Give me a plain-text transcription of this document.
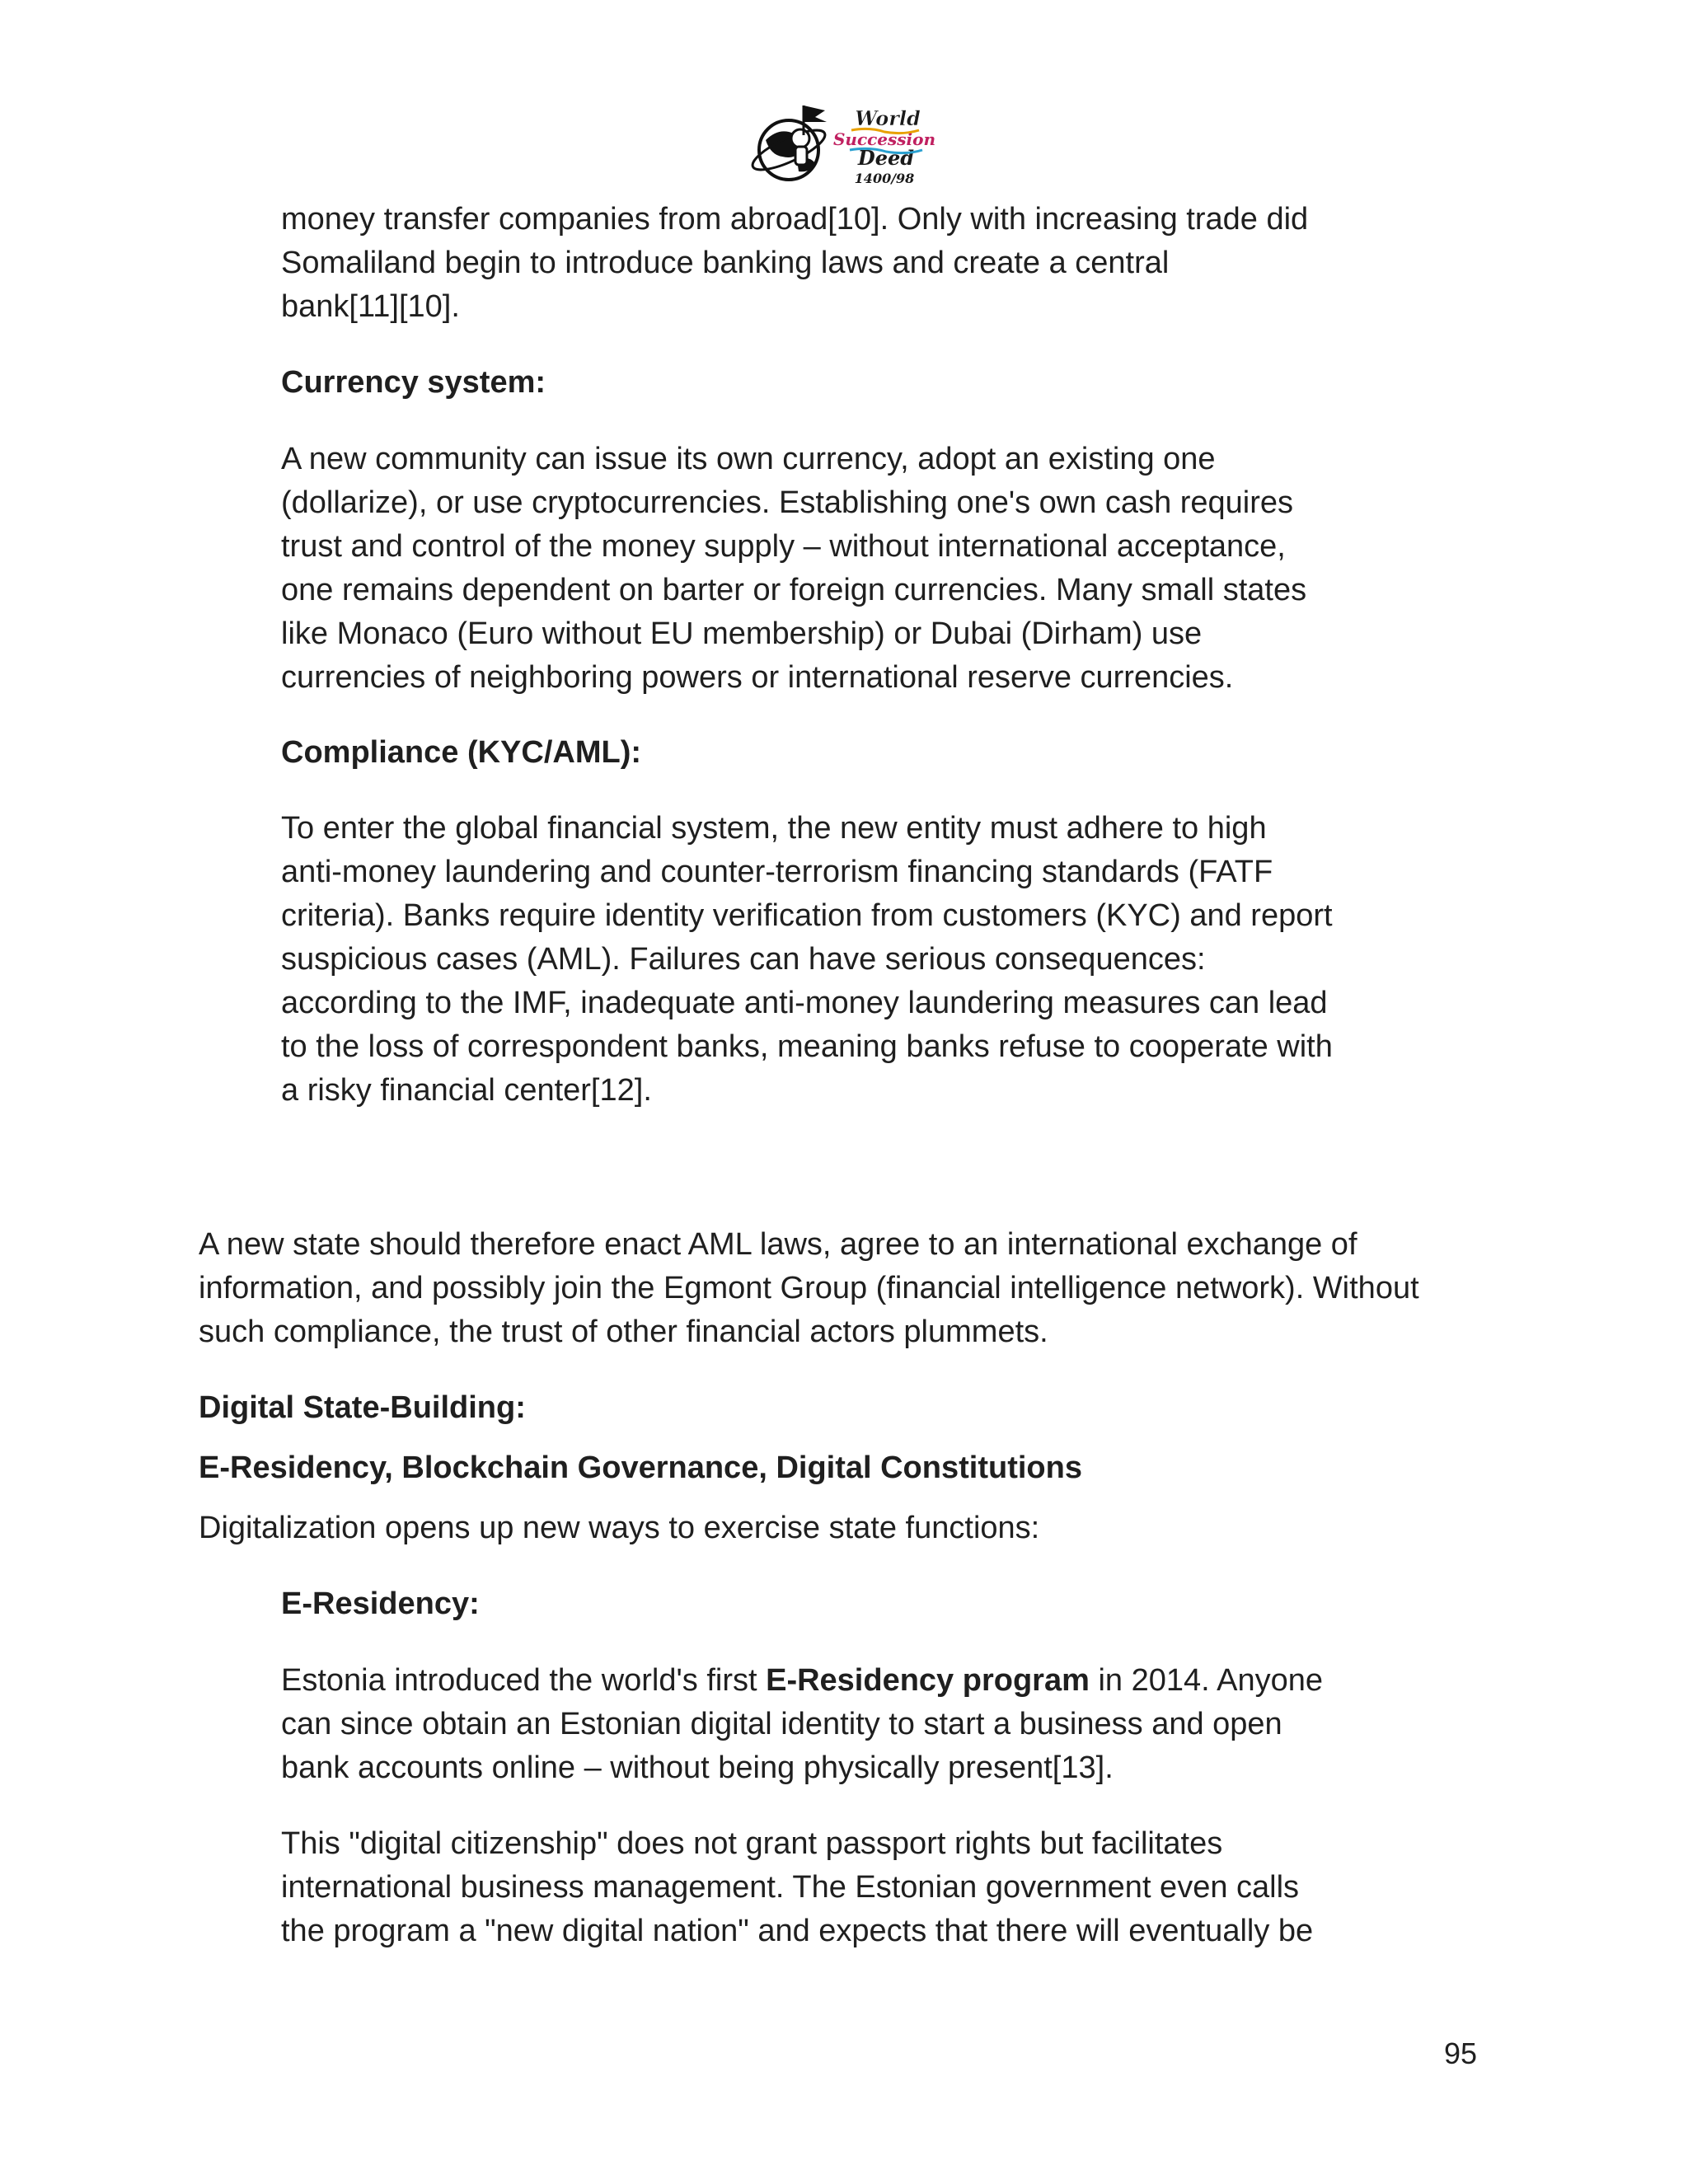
World
Succession
Deed
1400/98

money transfer companies from abroad[10]. Only with increasing trade did
Somaliland begin to introduce banking laws and create a central
bank[11][10].

Currency system:

A new community can issue its own currency, adopt an existing one
(dollarize), or use cryptocurrencies. Establishing one's own cash requires
trust and control of the money supply – without international acceptance,
one remains dependent on barter or foreign currencies. Many small states
like Monaco (Euro without EU membership) or Dubai (Dirham) use
currencies of neighboring powers or international reserve currencies.

Compliance (KYC/AML):

To enter the global financial system, the new entity must adhere to high
anti-money laundering and counter-terrorism financing standards (FATF
criteria). Banks require identity verification from customers (KYC) and report
suspicious cases (AML). Failures can have serious consequences:
according to the IMF, inadequate anti-money laundering measures can lead
to the loss of correspondent banks, meaning banks refuse to cooperate with
a risky financial center[12].

A new state should therefore enact AML laws, agree to an international exchange of
information, and possibly join the Egmont Group (financial intelligence network). Without
such compliance, the trust of other financial actors plummets.

Digital State-Building:

E-Residency, Blockchain Governance, Digital Constitutions

Digitalization opens up new ways to exercise state functions:

E-Residency:

Estonia introduced the world's first E-Residency program in 2014. Anyone
can since obtain an Estonian digital identity to start a business and open
bank accounts online – without being physically present[13].

This "digital citizenship" does not grant passport rights but facilitates
international business management. The Estonian government even calls
the program a "new digital nation" and expects that there will eventually be

95
